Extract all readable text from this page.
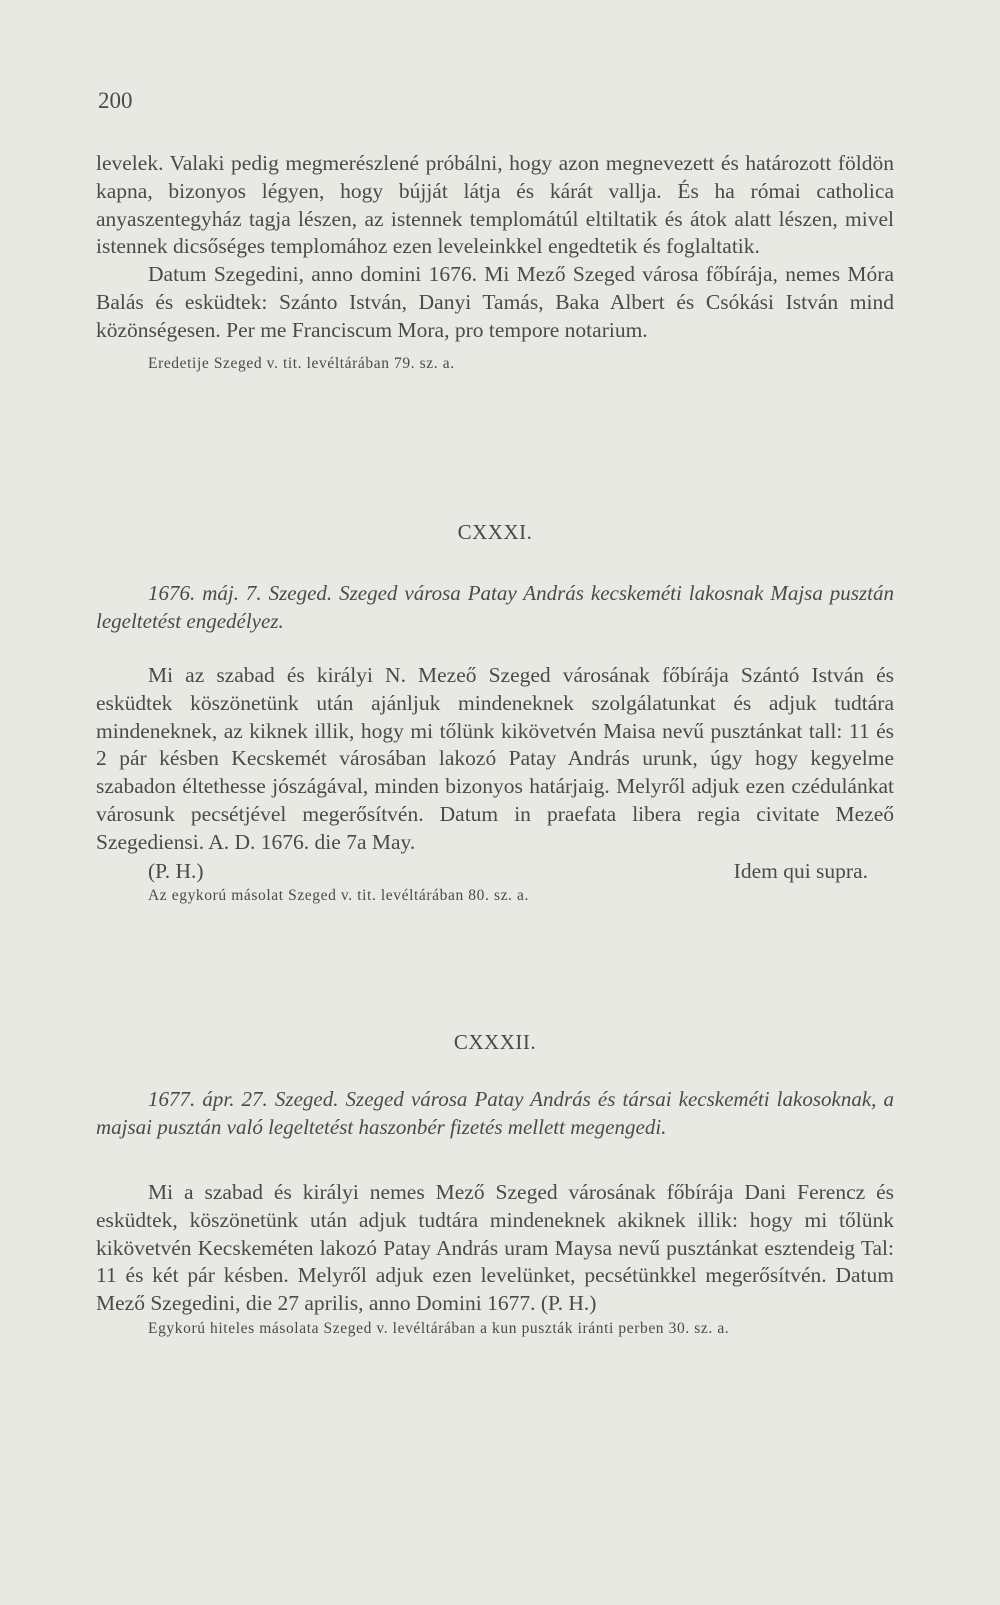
200

levelek. Valaki pedig megmerészlené próbálni, hogy azon megnevezett és határozott földön kapna, bizonyos légyen, hogy bújját látja és kárát vallja. És ha római catholica anyaszentegyház tagja lészen, az istennek templomátúl eltiltatik és átok alatt lészen, mivel istennek dicsőséges templomához ezen leveleinkkel engedtetik és foglaltatik.

Datum Szegedini, anno domini 1676. Mi Mező Szeged városa főbírája, nemes Móra Balás és esküdtek: Szánto István, Danyi Tamás, Baka Albert és Csókási István mind közönségesen. Per me Franciscum Mora, pro tempore notarium.

Eredetije Szeged v. tit. levéltárában 79. sz. a.

CXXXI.

1676. máj. 7. Szeged. Szeged városa Patay András kecskeméti lakosnak Majsa pusztán legeltetést engedélyez.

Mi az szabad és királyi N. Mezeő Szeged városának főbírája Szántó István és esküdtek köszönetünk után ajánljuk mindeneknek szolgálatunkat és adjuk tudtára mindeneknek, az kiknek illik, hogy mi tőlünk kikövetvén Maisa nevű pusztánkat tall: 11 és 2 pár késben Kecskemét városában lakozó Patay András urunk, úgy hogy kegyelme szabadon éltethesse jószágával, minden bizonyos határjaig. Melyről adjuk ezen czédulánkat városunk pecsétjével megerősítvén. Datum in praefata libera regia civitate Mezeő Szegediensi. A. D. 1676. die 7a May.

(P. H.)	Idem qui supra.

Az egykorú másolat Szeged v. tit. levéltárában 80. sz. a.

CXXXII.

1677. ápr. 27. Szeged. Szeged városa Patay András és társai kecskeméti lakosoknak, a majsai pusztán való legeltetést haszonbér fizetés mellett megengedi.

Mi a szabad és királyi nemes Mező Szeged városának főbírája Dani Ferencz és esküdtek, köszönetünk után adjuk tudtára mindeneknek akiknek illik: hogy mi tőlünk kikövetvén Kecskeméten lakozó Patay András uram Maysa nevű pusztánkat esztendeig Tal: 11 és két pár késben. Melyről adjuk ezen levelünket, pecsétünkkel megerősítvén. Datum Mező Szegedini, die 27 aprilis, anno Domini 1677. (P. H.)

Egykorú hiteles másolata Szeged v. levéltárában a kun puszták iránti perben 30. sz. a.
